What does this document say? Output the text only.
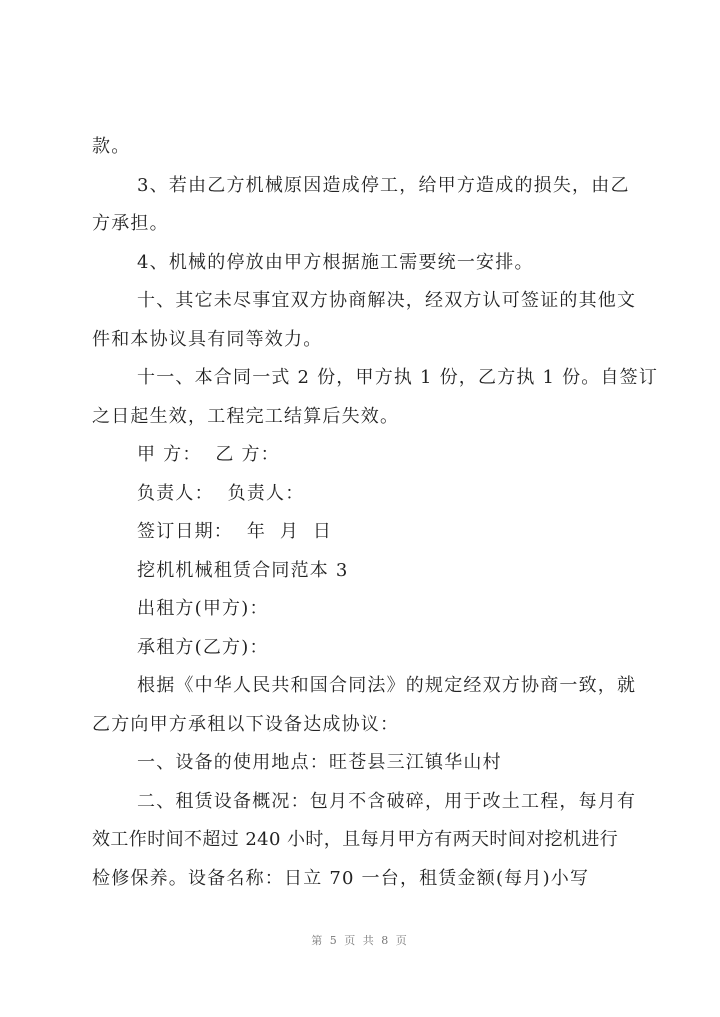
款。
3、若由乙方机械原因造成停工，给甲方造成的损失，由乙
方承担。
4、机械的停放由甲方根据施工需要统一安排。
十、其它未尽事宜双方协商解决，经双方认可签证的其他文
件和本协议具有同等效力。
十一、本合同一式 2 份，甲方执 1 份，乙方执 1 份。自签订
之日起生效，工程完工结算后失效。
甲 方：  乙 方：
负责人：  负责人：
签订日期：  年  月  日
挖机机械租赁合同范本 3
出租方(甲方)：
承租方(乙方)：
根据《中华人民共和国合同法》的规定经双方协商一致，就
乙方向甲方承租以下设备达成协议：
一、设备的使用地点：旺苍县三江镇华山村
二、租赁设备概况：包月不含破碎，用于改土工程，每月有
效工作时间不超过 240 小时，且每月甲方有两天时间对挖机进行
检修保养。设备名称：日立 70 一台，租赁金额(每月)小写
第 5 页 共 8 页
